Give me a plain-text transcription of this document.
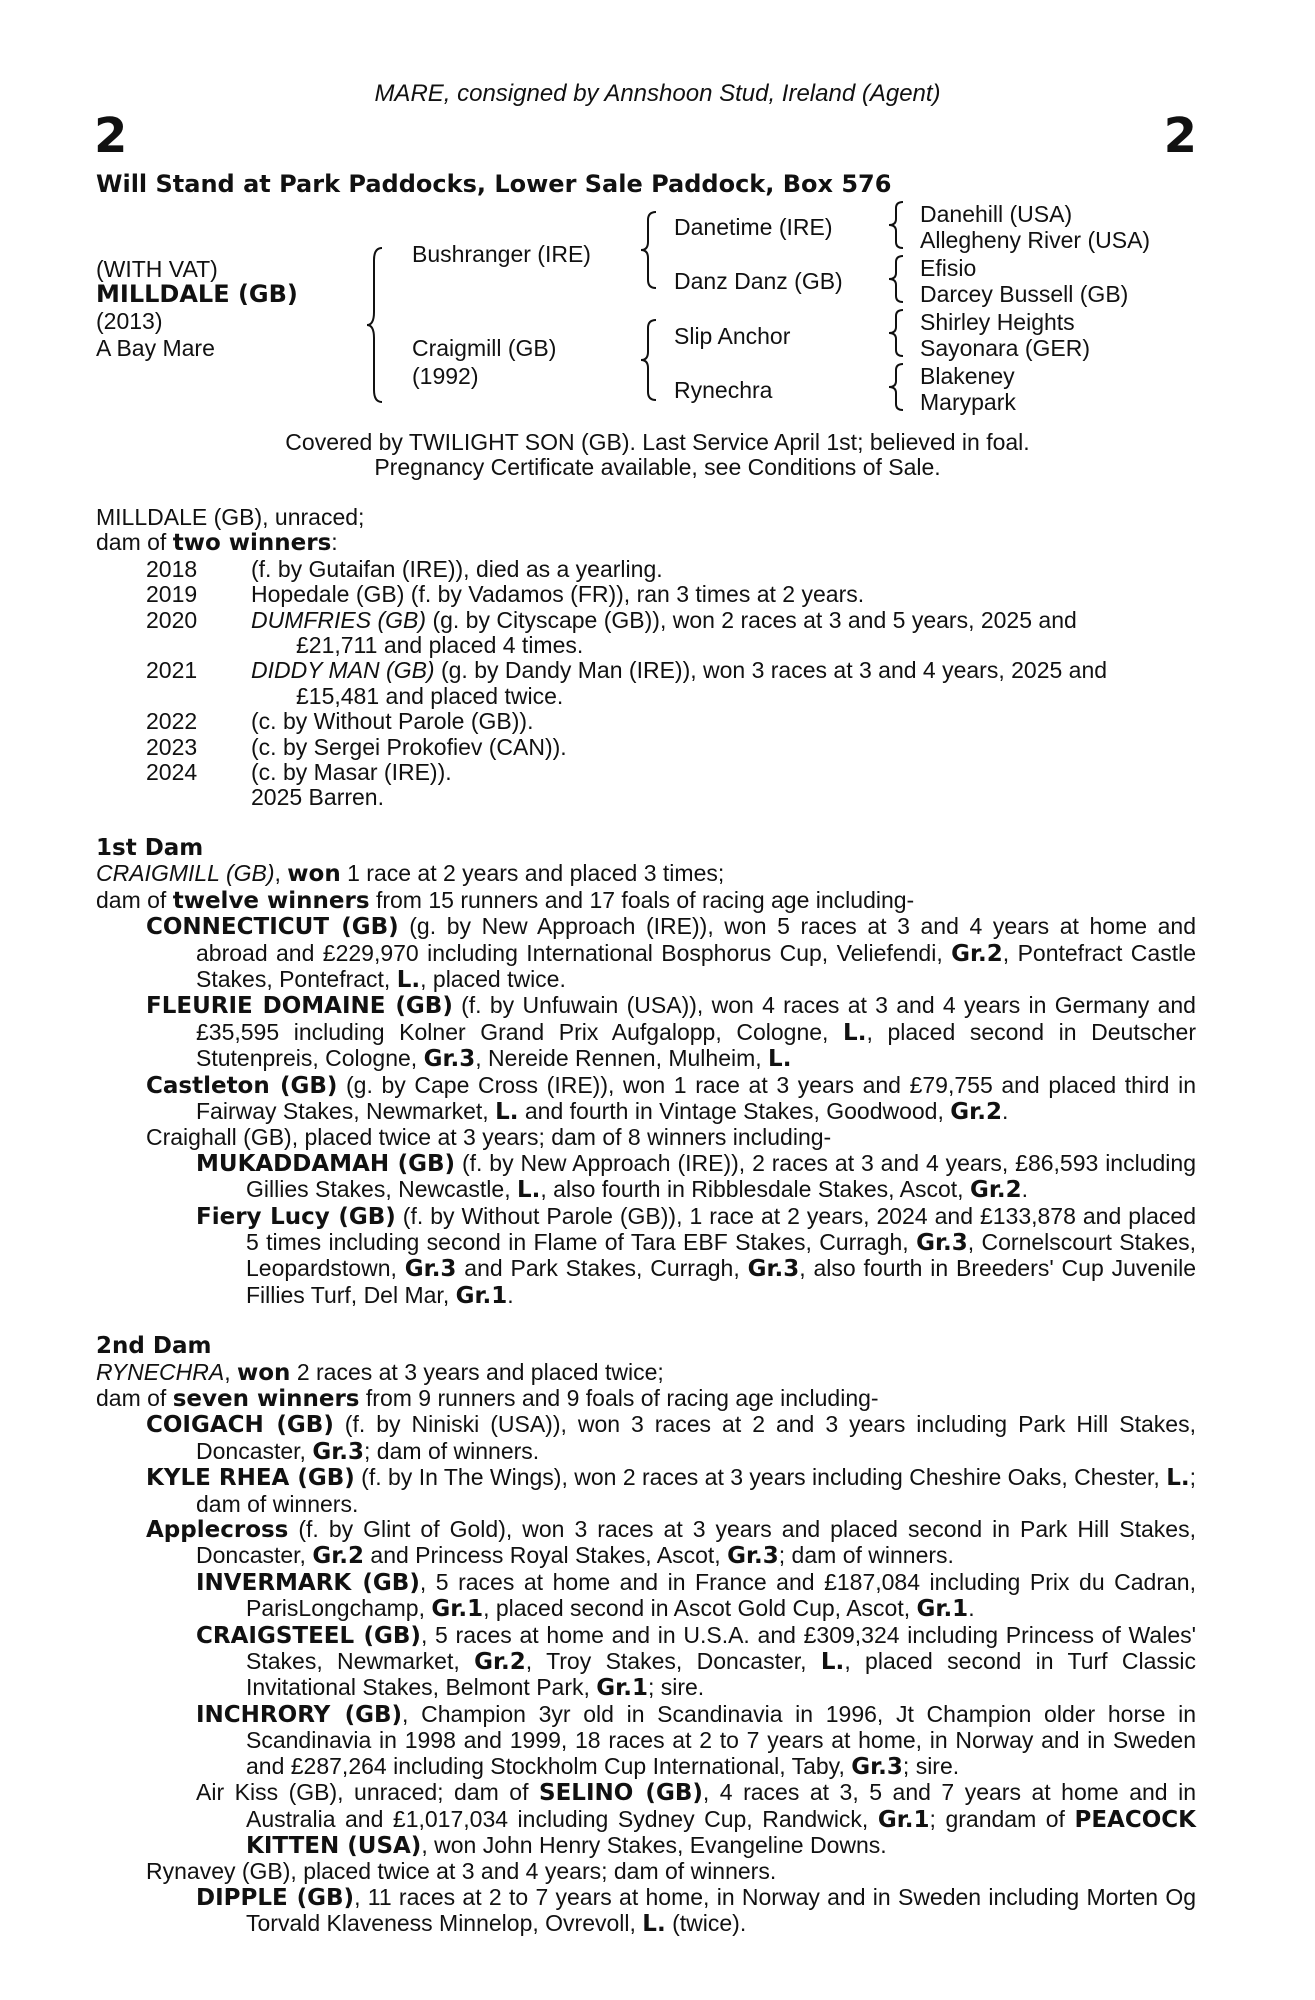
MARE, consigned by Annshoon Stud, Ireland (Agent)
2	2
Will Stand at Park Paddocks, Lower Sale Paddock, Box 576
(WITH VAT)
MILLDALE (GB)
(2013)
A Bay Mare
Bushranger (IRE)
Craigmill (GB)
(1992)
Danetime (IRE)
Danz Danz (GB)
Slip Anchor
Rynechra
Danehill (USA)
Allegheny River (USA)
Efisio
Darcey Bussell (GB)
Shirley Heights
Sayonara (GER)
Blakeney
Marypark
Covered by TWILIGHT SON (GB). Last Service April 1st; believed in foal.
Pregnancy Certificate available, see Conditions of Sale.

MILLDALE (GB), unraced;

dam of two winners:

2018	(f. by Gutaifan (IRE)), died as a yearling.
2019	Hopedale (GB) (f. by Vadamos (FR)), ran 3 times at 2 years.
2020	DUMFRIES (GB) (g. by Cityscape (GB)), won 2 races at 3 and 5 years, 2025 and
£21,711 and placed 4 times.
2021	DIDDY MAN (GB) (g. by Dandy Man (IRE)), won 3 races at 3 and 4 years, 2025 and
£15,481 and placed twice.
2022	(c. by Without Parole (GB)).
2023	(c. by Sergei Prokofiev (CAN)).
2024	(c. by Masar (IRE)).
2025 Barren.

1st Dam

CRAIGMILL (GB), won 1 race at 2 years and placed 3 times;

dam of twelve winners from 15 runners and 17 foals of racing age including-

CONNECTICUT (GB) (g. by New Approach (IRE)), won 5 races at 3 and 4 years at home and abroad and £229,970 including International Bosphorus Cup, Veliefendi, Gr.2, Pontefract Castle Stakes, Pontefract, L., placed twice.

FLEURIE DOMAINE (GB) (f. by Unfuwain (USA)), won 4 races at 3 and 4 years in Germany and £35,595 including Kolner Grand Prix Aufgalopp, Cologne, L., placed second in Deutscher Stutenpreis, Cologne, Gr.3, Nereide Rennen, Mulheim, L.

Castleton (GB) (g. by Cape Cross (IRE)), won 1 race at 3 years and £79,755 and placed third in Fairway Stakes, Newmarket, L. and fourth in Vintage Stakes, Goodwood, Gr.2.

Craighall (GB), placed twice at 3 years; dam of 8 winners including-

MUKADDAMAH (GB) (f. by New Approach (IRE)), 2 races at 3 and 4 years, £86,593 including Gillies Stakes, Newcastle, L., also fourth in Ribblesdale Stakes, Ascot, Gr.2.

Fiery Lucy (GB) (f. by Without Parole (GB)), 1 race at 2 years, 2024 and £133,878 and placed 5 times including second in Flame of Tara EBF Stakes, Curragh, Gr.3, Cornelscourt Stakes, Leopardstown, Gr.3 and Park Stakes, Curragh, Gr.3, also fourth in Breeders' Cup Juvenile Fillies Turf, Del Mar, Gr.1.

2nd Dam

RYNECHRA, won 2 races at 3 years and placed twice;

dam of seven winners from 9 runners and 9 foals of racing age including-

COIGACH (GB) (f. by Niniski (USA)), won 3 races at 2 and 3 years including Park Hill Stakes, Doncaster, Gr.3; dam of winners.

KYLE RHEA (GB) (f. by In The Wings), won 2 races at 3 years including Cheshire Oaks, Chester, L.; dam of winners.

Applecross (f. by Glint of Gold), won 3 races at 3 years and placed second in Park Hill Stakes, Doncaster, Gr.2 and Princess Royal Stakes, Ascot, Gr.3; dam of winners.

INVERMARK (GB), 5 races at home and in France and £187,084 including Prix du Cadran, ParisLongchamp, Gr.1, placed second in Ascot Gold Cup, Ascot, Gr.1.

CRAIGSTEEL (GB), 5 races at home and in U.S.A. and £309,324 including Princess of Wales' Stakes, Newmarket, Gr.2, Troy Stakes, Doncaster, L., placed second in Turf Classic Invitational Stakes, Belmont Park, Gr.1; sire.

INCHRORY (GB), Champion 3yr old in Scandinavia in 1996, Jt Champion older horse in Scandinavia in 1998 and 1999, 18 races at 2 to 7 years at home, in Norway and in Sweden and £287,264 including Stockholm Cup International, Taby, Gr.3; sire.

Air Kiss (GB), unraced; dam of SELINO (GB), 4 races at 3, 5 and 7 years at home and in Australia and £1,017,034 including Sydney Cup, Randwick, Gr.1; grandam of PEACOCK KITTEN (USA), won John Henry Stakes, Evangeline Downs.

Rynavey (GB), placed twice at 3 and 4 years; dam of winners.

DIPPLE (GB), 11 races at 2 to 7 years at home, in Norway and in Sweden including Morten Og Torvald Klaveness Minnelop, Ovrevoll, L. (twice).
